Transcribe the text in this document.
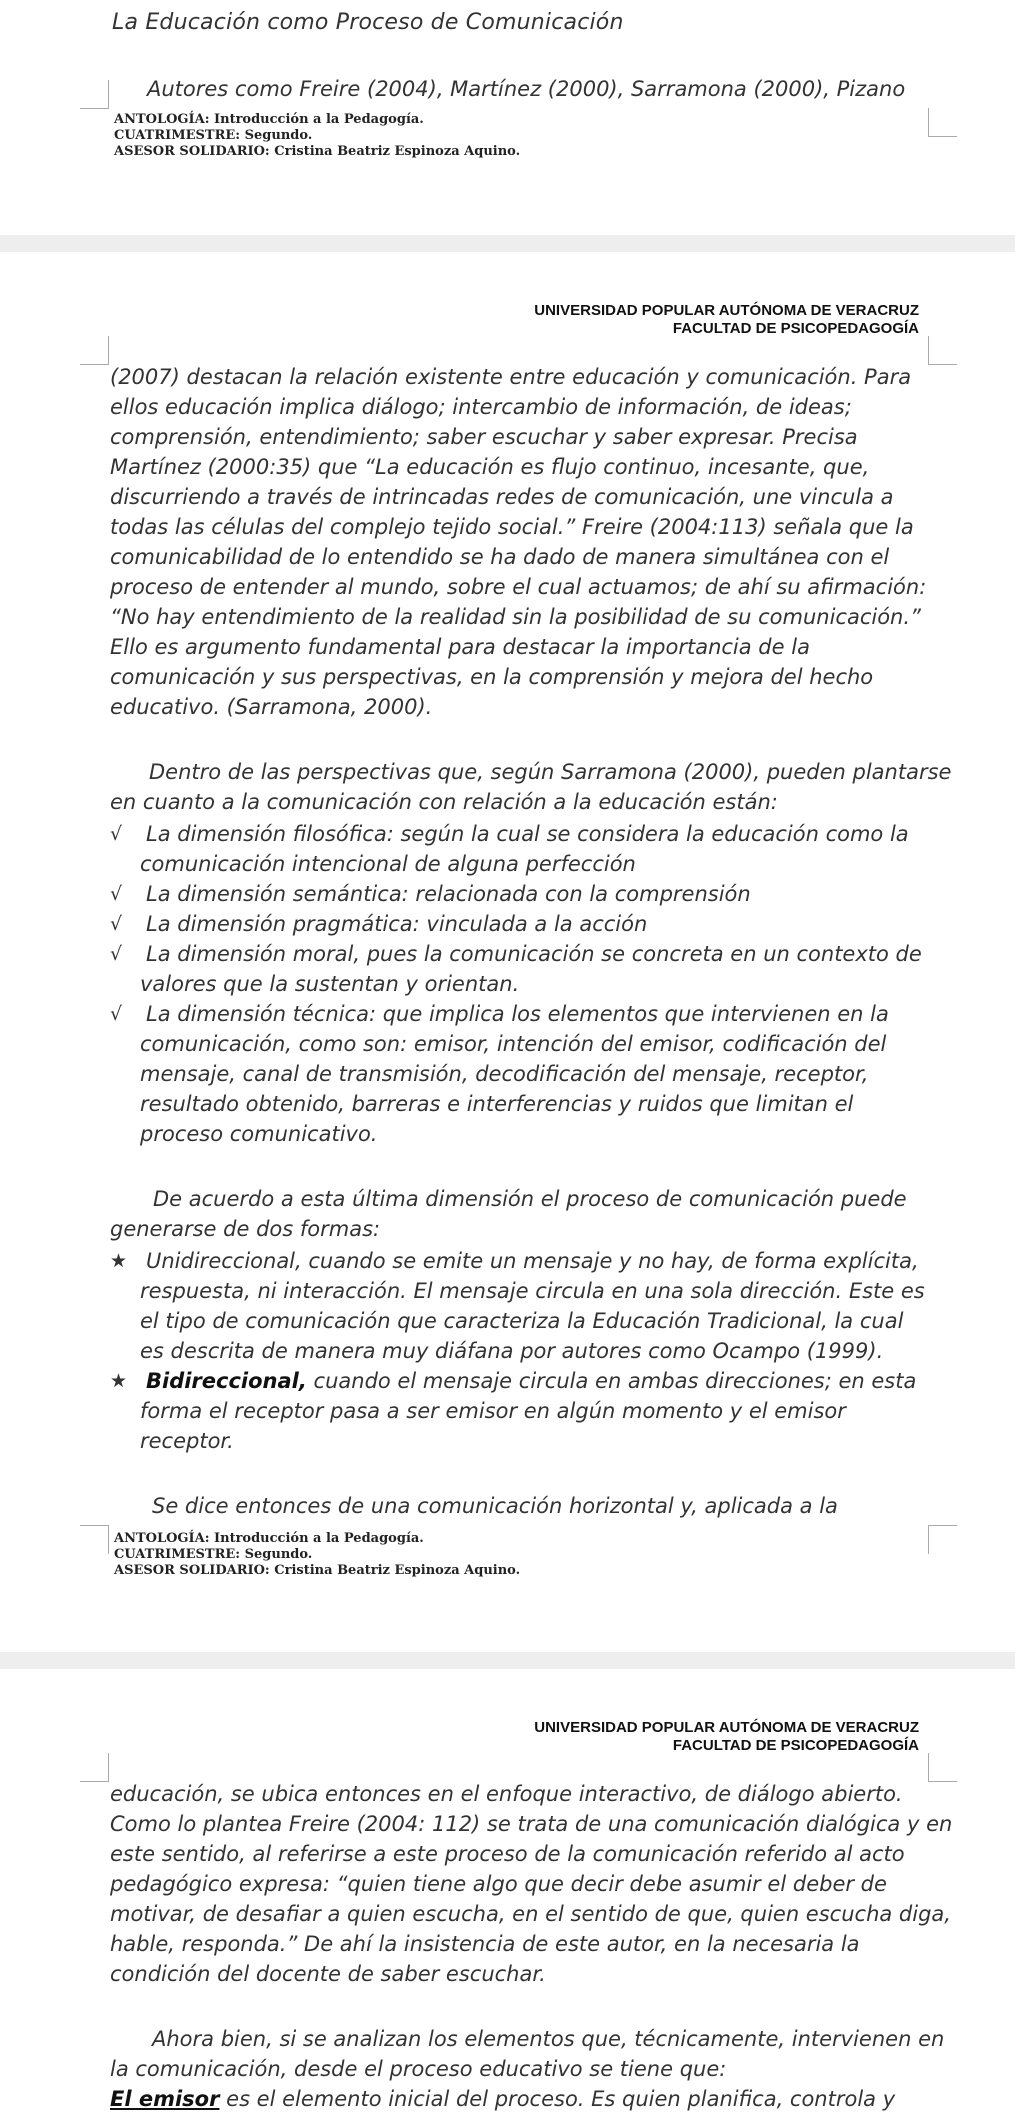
La Educación como Proceso de Comunicación
Autores como Freire (2004), Martínez (2000), Sarramona (2000), Pizano
ANTOLOGÍA: Introducción a la Pedagogía.
CUATRIMESTRE: Segundo.
ASESOR SOLIDARIO: Cristina Beatriz Espinoza Aquino.
UNIVERSIDAD POPULAR AUTÓNOMA DE VERACRUZ
FACULTAD DE PSICOPEDAGOGÍA
(2007) destacan la relación existente entre educación y comunicación. Para
ellos educación implica diálogo; intercambio de información, de ideas;
comprensión, entendimiento; saber escuchar y saber expresar. Precisa
Martínez (2000:35) que “La educación es flujo continuo, incesante, que,
discurriendo a través de intrincadas redes de comunicación, une vincula a
todas las células del complejo tejido social.” Freire (2004:113) señala que la
comunicabilidad de lo entendido se ha dado de manera simultánea con el
proceso de entender al mundo, sobre el cual actuamos; de ahí su afirmación:
“No hay entendimiento de la realidad sin la posibilidad de su comunicación.”
Ello es argumento fundamental para destacar la importancia de la
comunicación y sus perspectivas, en la comprensión y mejora del hecho
educativo. (Sarramona, 2000).
Dentro de las perspectivas que, según Sarramona (2000), pueden plantarse
en cuanto a la comunicación con relación a la educación están:
√ La dimensión filosófica: según la cual se considera la educación como la
comunicación intencional de alguna perfección
√ La dimensión semántica: relacionada con la comprensión
√ La dimensión pragmática: vinculada a la acción
√ La dimensión moral, pues la comunicación se concreta en un contexto de
valores que la sustentan y orientan.
√ La dimensión técnica: que implica los elementos que intervienen en la
comunicación, como son: emisor, intención del emisor, codificación del
mensaje, canal de transmisión, decodificación del mensaje, receptor,
resultado obtenido, barreras e interferencias y ruidos que limitan el
proceso comunicativo.
De acuerdo a esta última dimensión el proceso de comunicación puede
generarse de dos formas:
★ Unidireccional, cuando se emite un mensaje y no hay, de forma explícita,
respuesta, ni interacción. El mensaje circula en una sola dirección. Este es
el tipo de comunicación que caracteriza la Educación Tradicional, la cual
es descrita de manera muy diáfana por autores como Ocampo (1999).
★ Bidireccional, cuando el mensaje circula en ambas direcciones; en esta
forma el receptor pasa a ser emisor en algún momento y el emisor
receptor.
Se dice entonces de una comunicación horizontal y, aplicada a la
ANTOLOGÍA: Introducción a la Pedagogía.
CUATRIMESTRE: Segundo.
ASESOR SOLIDARIO: Cristina Beatriz Espinoza Aquino.
UNIVERSIDAD POPULAR AUTÓNOMA DE VERACRUZ
FACULTAD DE PSICOPEDAGOGÍA
educación, se ubica entonces en el enfoque interactivo, de diálogo abierto.
Como lo plantea Freire (2004: 112) se trata de una comunicación dialógica y en
este sentido, al referirse a este proceso de la comunicación referido al acto
pedagógico expresa: “quien tiene algo que decir debe asumir el deber de
motivar, de desafiar a quien escucha, en el sentido de que, quien escucha diga,
hable, responda.” De ahí la insistencia de este autor, en la necesaria la
condición del docente de saber escuchar.
Ahora bien, si se analizan los elementos que, técnicamente, intervienen en
la comunicación, desde el proceso educativo se tiene que:
El emisor es el elemento inicial del proceso. Es quien planifica, controla y
